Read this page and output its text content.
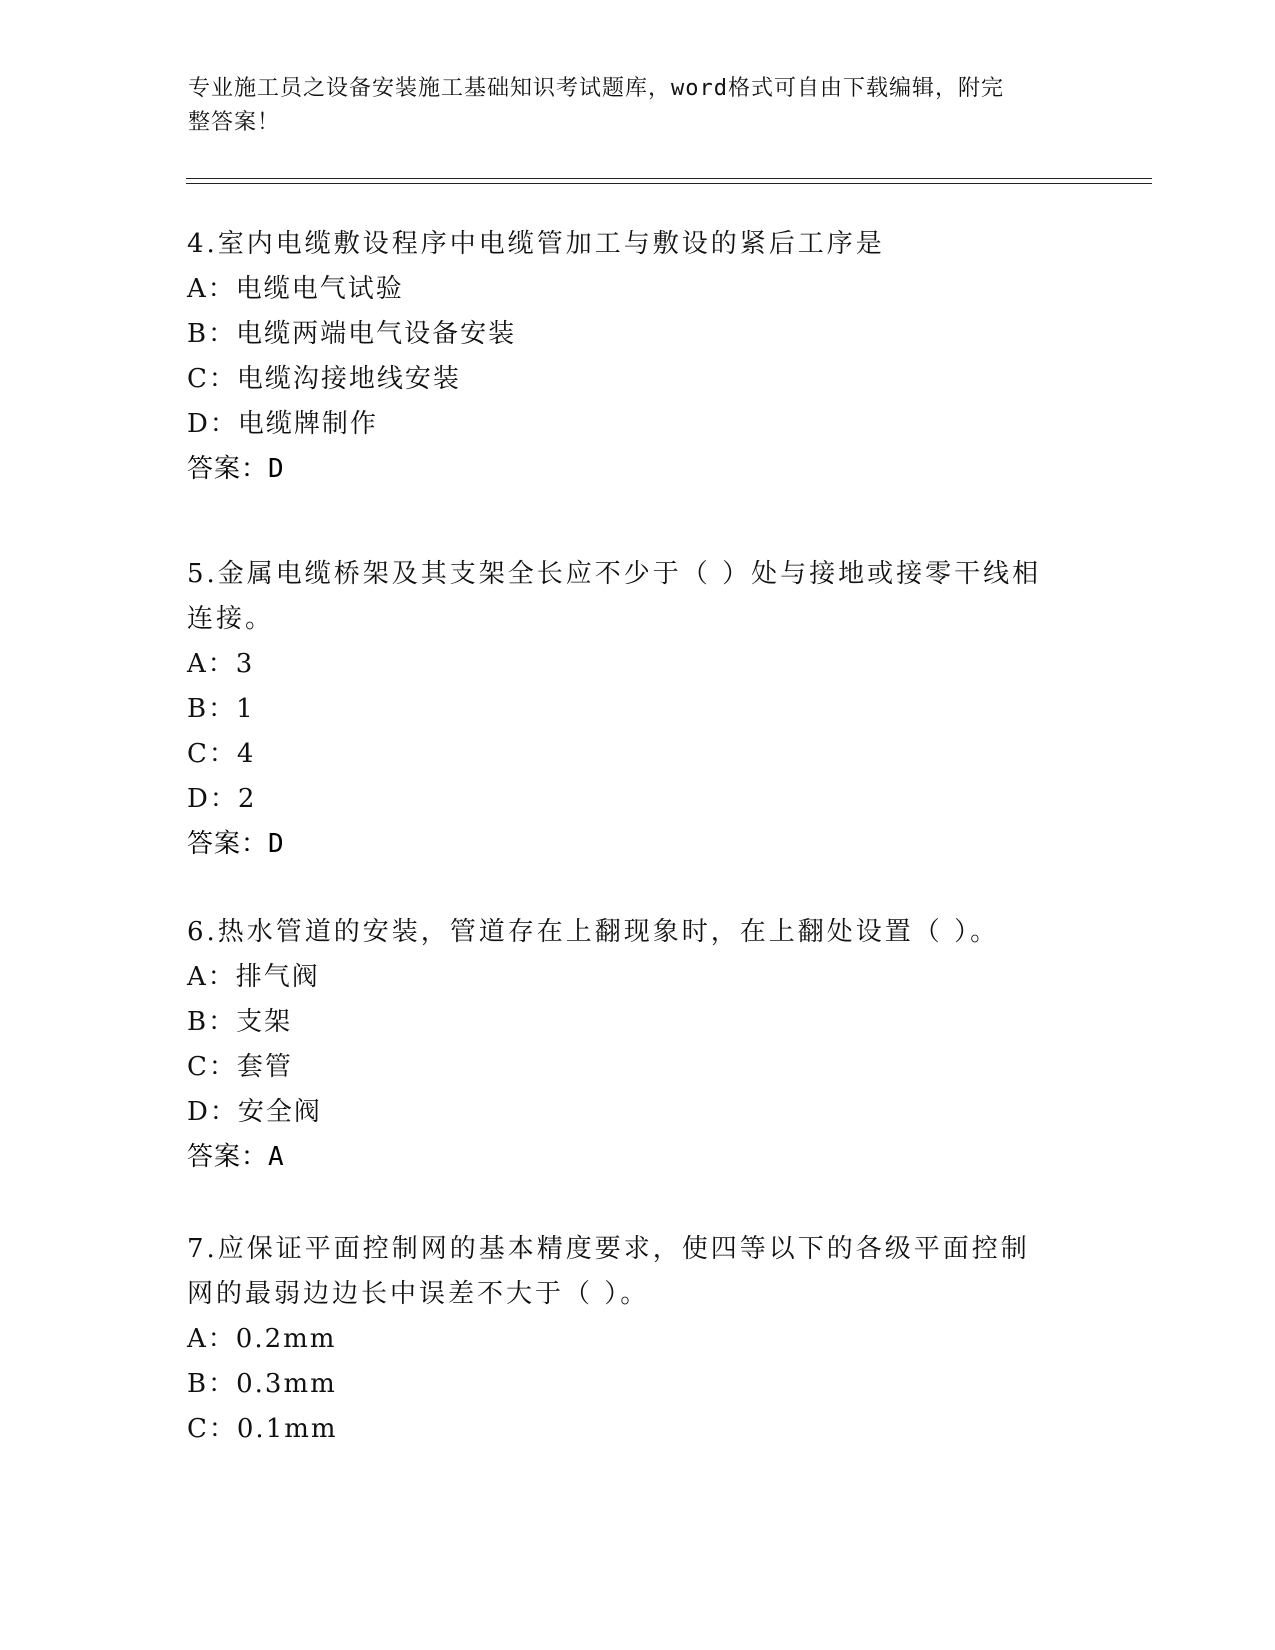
专业施工员之设备安装施工基础知识考试题库，word格式可自由下载编辑，附完
整答案！

4.室内电缆敷设程序中电缆管加工与敷设的紧后工序是

A：电缆电气试验

B：电缆两端电气设备安装

C：电缆沟接地线安装

D：电缆牌制作

答案：D

5.金属电缆桥架及其支架全长应不少于（ ）处与接地或接零干线相连接。

A：3

B：1

C：4

D：2

答案：D

6.热水管道的安装，管道存在上翻现象时，在上翻处设置（ ）。

A：排气阀

B：支架

C：套管

D：安全阀

答案：A

7.应保证平面控制网的基本精度要求，使四等以下的各级平面控制网的最弱边边长中误差不大于（ ）。

A：0.2mm

B：0.3mm

C：0.1mm
